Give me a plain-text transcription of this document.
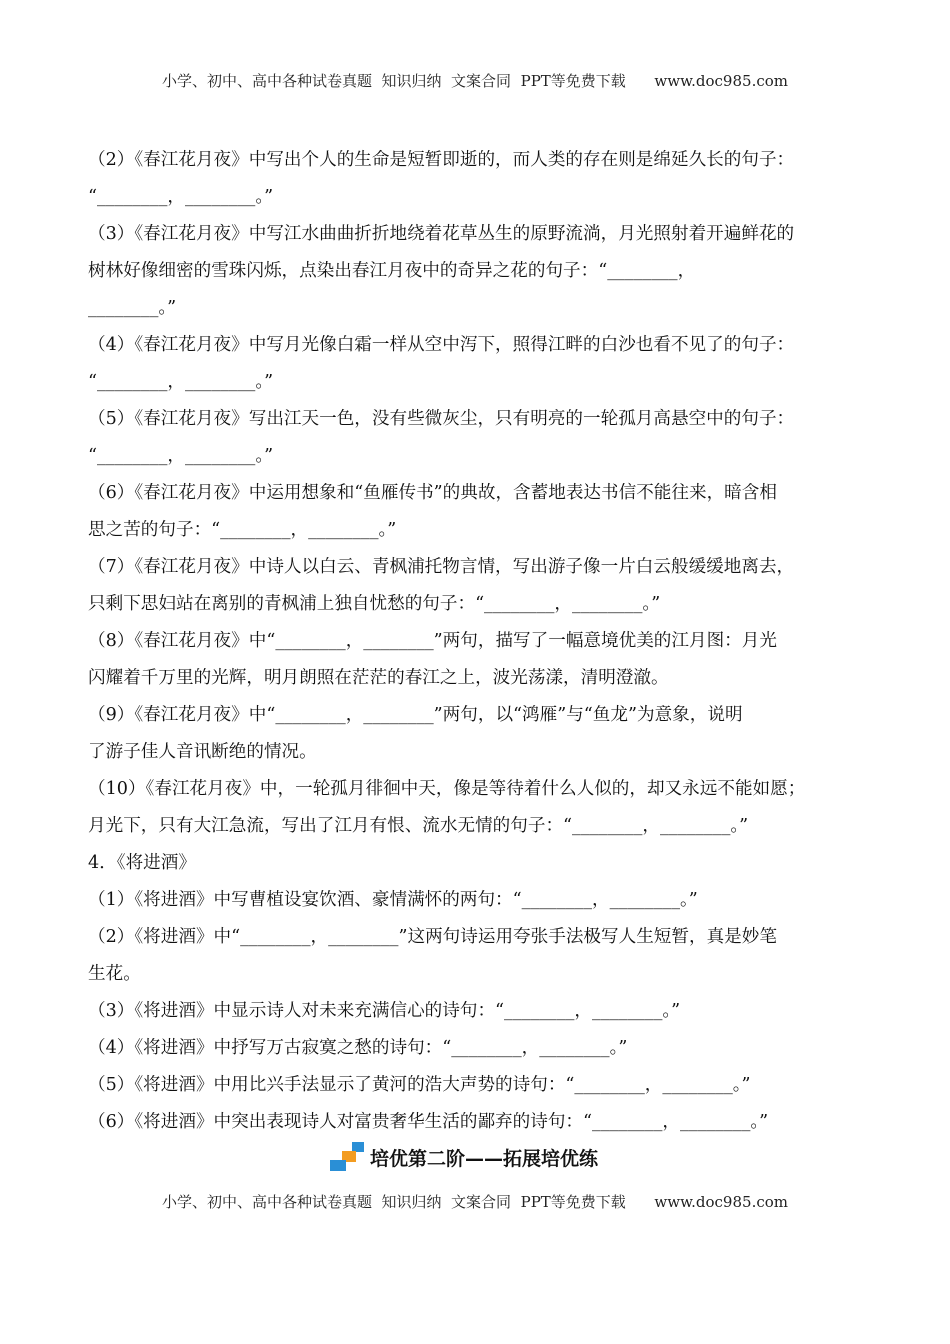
小学、初中、高中各种试卷真题  知识归纳  文案合同  PPT等免费下载      www.doc985.com
（2）《春江花月夜》中写出个人的生命是短暂即逝的，而人类的存在则是绵延久长的句子：
“________，________。”
（3）《春江花月夜》中写江水曲曲折折地绕着花草丛生的原野流淌，月光照射着开遍鲜花的
树林好像细密的雪珠闪烁，点染出春江月夜中的奇异之花的句子：“________，
________。”
（4）《春江花月夜》中写月光像白霜一样从空中泻下，照得江畔的白沙也看不见了的句子：
“________，________。”
（5）《春江花月夜》写出江天一色，没有些微灰尘，只有明亮的一轮孤月高悬空中的句子：
“________，________。”
（6）《春江花月夜》中运用想象和“鱼雁传书”的典故，含蓄地表达书信不能往来，暗含相
思之苦的句子：“________，________。”
（7）《春江花月夜》中诗人以白云、青枫浦托物言情，写出游子像一片白云般缓缓地离去，
只剩下思妇站在离别的青枫浦上独自忧愁的句子：“________，________。”
（8）《春江花月夜》中“________，________”两句，描写了一幅意境优美的江月图：月光
闪耀着千万里的光辉，明月朗照在茫茫的春江之上，波光荡漾，清明澄澈。
（9）《春江花月夜》中“________，________”两句，以“鸿雁”与“鱼龙”为意象，说明
了游子佳人音讯断绝的情况。
（10）《春江花月夜》中，一轮孤月徘徊中天，像是等待着什么人似的，却又永远不能如愿；
月光下，只有大江急流，写出了江月有恨、流水无情的句子：“________，________。”
4．《将进酒》
（1）《将进酒》中写曹植设宴饮酒、豪情满怀的两句：“________，________。”
（2）《将进酒》中“________，________”这两句诗运用夸张手法极写人生短暂，真是妙笔
生花。
（3）《将进酒》中显示诗人对未来充满信心的诗句：“________，________。”
（4）《将进酒》中抒写万古寂寞之愁的诗句：“________，________。”
（5）《将进酒》中用比兴手法显示了黄河的浩大声势的诗句：“________，________。”
（6）《将进酒》中突出表现诗人对富贵奢华生活的鄙弃的诗句：“________，________。”
培优第二阶——拓展培优练
小学、初中、高中各种试卷真题  知识归纳  文案合同  PPT等免费下载      www.doc985.com
